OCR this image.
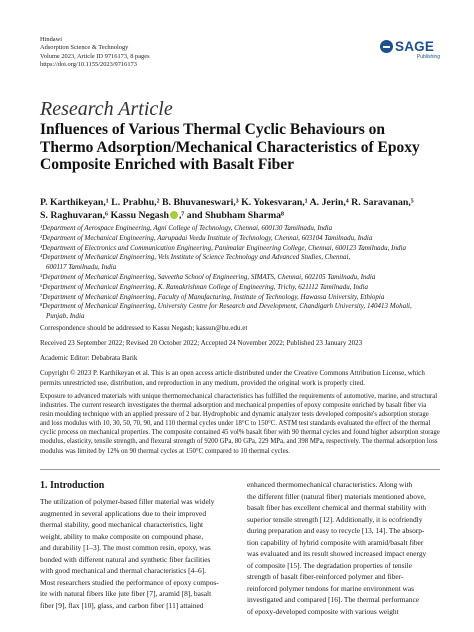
Hindawi
Adsorption Science & Technology
Volume 2023, Article ID 9716173, 8 pages
https://doi.org/10.1155/2023/9716173
SAGE
Publishing
Research Article
Influences of Various Thermal Cyclic Behaviours on Thermo Adsorption/Mechanical Characteristics of Epoxy Composite Enriched with Basalt Fiber
P. Karthikeyan,¹ L. Prabhu,² B. Bhuvaneswari,³ K. Yokesvaran,¹ A. Jerin,⁴ R. Saravanan,⁵
S. Raghuvaran,⁶ Kassu Negash ,⁷ and Shubham Sharma⁸
¹Department of Aerospace Engineering, Agni College of Technology, Chennai, 600130 Tamilnadu, India
²Department of Mechanical Engineering, Aarupadai Veedu Institute of Technology, Chennai, 603104 Tamilnadu, India
³Department of Electronics and Communication Engineering, Panimalar Engineering College, Chennai, 600123 Tamilnadu, India
⁴Department of Mechanical Engineering, Vels Institute of Science Technology and Advanced Studies, Chennai,
600117 Tamilnadu, India
⁵Department of Mechanical Engineering, Saveetha School of Engineering, SIMATS, Chennai, 602105 Tamilnadu, India
⁶Department of Mechanical Engineering, K. Ramakrishnan College of Engineering, Trichy, 621112 Tamilnadu, India
⁷Department of Mechanical Engineering, Faculty of Manufacturing, Institute of Technology, Hawassa University, Ethiopia
⁸Department of Mechanical Engineering, University Centre for Research and Development, Chandigarh University, 140413 Mohali,
Punjab, India
Correspondence should be addressed to Kassu Negash; kassun@hu.edu.et
Received 23 September 2022; Revised 20 October 2022; Accepted 24 November 2022; Published 23 January 2023
Academic Editor: Debabrata Barik
Copyright © 2023 P. Karthikeyan et al. This is an open access article distributed under the Creative Commons Attribution License, which permits unrestricted use, distribution, and reproduction in any medium, provided the original work is properly cited.
Exposure to advanced materials with unique thermomechanical characteristics has fulfilled the requirements of automotive, marine, and structural industries. The current research investigates the thermal adsorption and mechanical properties of epoxy composite enriched by basalt fiber via resin moulding technique with an applied pressure of 2 bar. Hydrophobic and dynamic analyzer tests developed composite's adsorption storage and loss modulus with 10, 30, 50, 70, 90, and 110 thermal cycles under 18°C to 150°C. ASTM test standards evaluated the effect of the thermal cyclic process on mechanical properties. The composite contained 45 vol% basalt fiber with 90 thermal cycles and found higher adsorption storage modulus, elasticity, tensile strength, and flexural strength of 9200 GPa, 80 GPa, 229 MPa, and 398 MPa, respectively. The thermal adsorption loss modulus was limited by 12% on 90 thermal cycles at 150°C compared to 10 thermal cycles.
1. Introduction
The utilization of polymer-based filler material was widely
augmented in several applications due to their improved
thermal stability, good mechanical characteristics, light
weight, ability to make composite on compound phase,
and durability [1–3]. The most common resin, epoxy, was
bonded with different natural and synthetic fiber facilities
with good mechanical and thermal characteristics [4–6].
Most researchers studied the performance of epoxy compos-
ite with natural fibers like jute fiber [7], aramid [8], basalt
fiber [9], flax [10], glass, and carbon fiber [11] attained
enhanced thermomechanical characteristics. Along with
the different filler (natural fiber) materials mentioned above,
basalt fiber has excellent chemical and thermal stability with
superior tensile strength [12]. Additionally, it is ecofriendly
during preparation and easy to recycle [13, 14]. The absorp-
tion capability of hybrid composite with aramid/basalt fiber
was evaluated and its result showed increased impact energy
of composite [15]. The degradation properties of tensile
strength of basalt fiber-reinforced polymer and fiber-
reinforced polymer tendons for marine environment was
investigated and compared [16]. The thermal performance
of epoxy-developed composite with various weight
